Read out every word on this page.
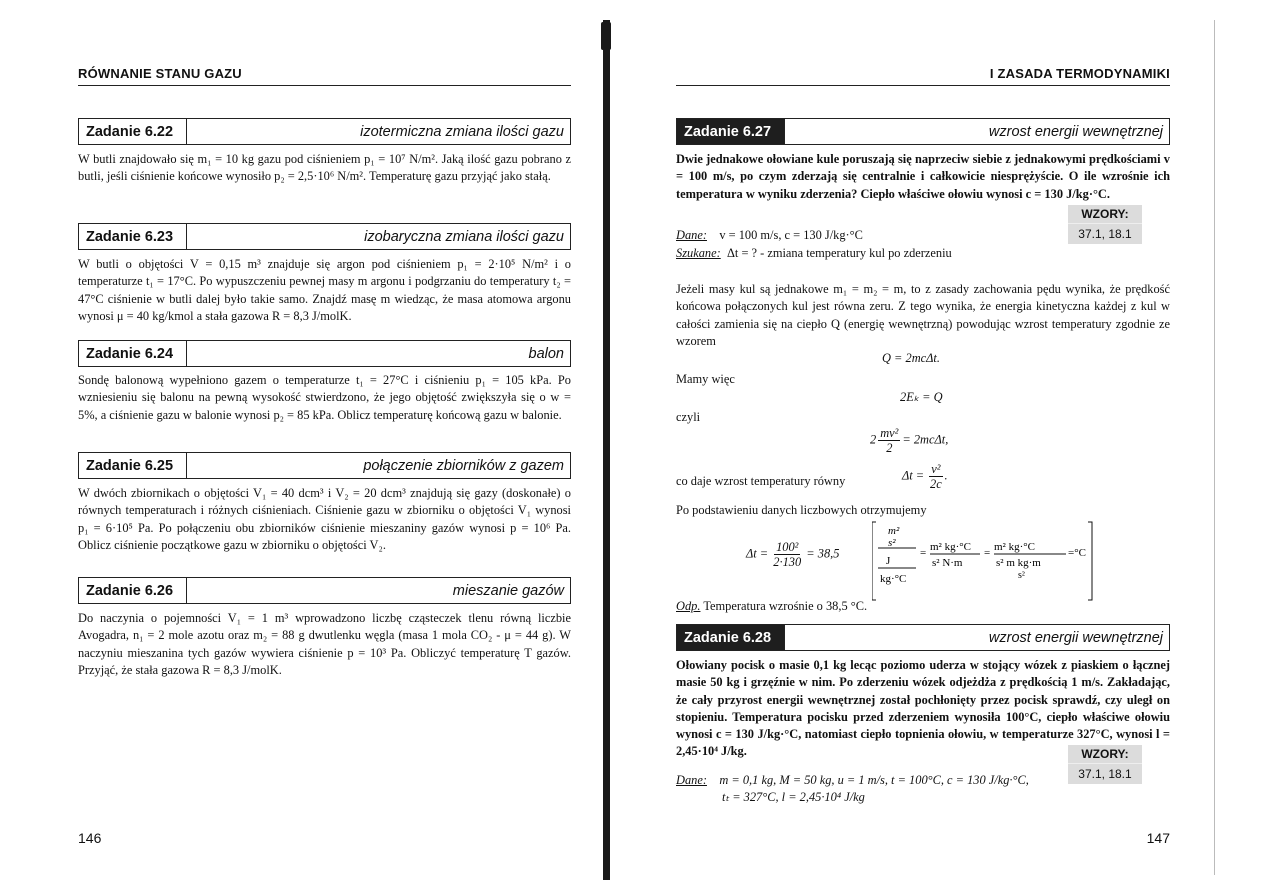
RÓWNANIE STANU GAZU
Zadanie 6.22	izotermiczna zmiana ilości gazu
W butli znajdowało się m₁ = 10 kg gazu pod ciśnieniem p₁ = 10⁷ N/m². Jaką ilość gazu pobrano z butli, jeśli ciśnienie końcowe wynosiło p₂ = 2,5·10⁶ N/m². Temperaturę gazu przyjąć jako stałą.
Zadanie 6.23	izobaryczna zmiana ilości gazu
W butli o objętości V = 0,15 m³ znajduje się argon pod ciśnieniem p₁ = 2·10⁵ N/m² i o temperaturze t₁ = 17°C. Po wypuszczeniu pewnej masy m argonu i podgrzaniu do temperatury t₂ = 47°C ciśnienie w butli dalej było takie samo. Znajdź masę m wiedząc, że masa atomowa argonu wynosi μ = 40 kg/kmol a stała gazowa R = 8,3 J/molK.
Zadanie 6.24	balon
Sondę balonową wypełniono gazem o temperaturze t₁ = 27°C i ciśnieniu p₁ = 105 kPa. Po wzniesieniu się balonu na pewną wysokość stwierdzono, że jego objętość zwiększyła się o w = 5%, a ciśnienie gazu w balonie wynosi p₂ = 85 kPa. Oblicz temperaturę końcową gazu w balonie.
Zadanie 6.25	połączenie zbiorników z gazem
W dwóch zbiornikach o objętości V₁ = 40 dcm³ i V₂ = 20 dcm³ znajdują się gazy (doskonałe) o równych temperaturach i różnych ciśnieniach. Ciśnienie gazu w zbiorniku o objętości V₁ wynosi p₁ = 6·10⁵ Pa. Po połączeniu obu zbiorników ciśnienie mieszaniny gazów wynosi p = 10⁶ Pa. Oblicz ciśnienie początkowe gazu w zbiorniku o objętości V₂.
Zadanie 6.26	mieszanie gazów
Do naczynia o pojemności V₁ = 1 m³ wprowadzono liczbę cząsteczek tlenu równą liczbie Avogadra, n₁ = 2 mole azotu oraz m₂ = 88 g dwutlenku węgla (masa 1 mola CO₂ - μ = 44 g). W naczyniu mieszanina tych gazów wywiera ciśnienie p = 10³ Pa. Obliczyć temperaturę T gazów. Przyjąć, że stała gazowa R = 8,3 J/molK.
146
I ZASADA TERMODYNAMIKI
Zadanie 6.27	wzrost energii wewnętrznej
Dwie jednakowe ołowiane kule poruszają się naprzeciw siebie z jednakowymi prędkościami v = 100 m/s, po czym zderzają się centralnie i całkowicie niesprężyście. O ile wzrośnie ich temperatura w wyniku zderzenia? Ciepło właściwe ołowiu wynosi c = 130 J/kg·°C.
WZORY:
37.1, 18.1
Dane: v = 100 m/s, c = 130 J/kg·°C
Szukane: Δt = ? - zmiana temperatury kul po zderzeniu
Jeżeli masy kul są jednakowe m₁ = m₂ = m, to z zasady zachowania pędu wynika, że prędkość końcowa połączonych kul jest równa zeru. Z tego wynika, że energia kinetyczna każdej z kul w całości zamienia się na ciepło Q (energię wewnętrzną) powodując wzrost temperatury zgodnie ze wzorem
Q = 2mcΔt.
Mamy więc
2Eₖ = Q
czyli
$2 \frac{\text{mv²}}{2} = 2mc\Delta t$,
co daje wzrost temperatury równy	$\Delta t = \frac{\text{v²}}{2c}$ .
Po podstawieniu danych liczbowych otrzymujemy
$\Delta t = \frac{\text{100²}}{2\cdot 130} = 38,5$
m²
s²
J
kg·°C
= m² kg·°C
s² N·m
= m² kg·°C
s² m kg·m
s²
=°C
Odp. Temperatura wzrośnie o 38,5 °C.
Zadanie 6.28	wzrost energii wewnętrznej
Ołowiany pocisk o masie 0,1 kg lecąc poziomo uderza w stojący wózek z piaskiem o łącznej masie 50 kg i grzęźnie w nim. Po zderzeniu wózek odjeżdża z prędkością 1 m/s. Zakładając, że cały przyrost energii wewnętrznej został pochłonięty przez pocisk sprawdź, czy uległ on stopieniu. Temperatura pocisku przed zderzeniem wynosiła 100°C, ciepło właściwe ołowiu wynosi c = 130 J/kg·°C, natomiast ciepło topnienia ołowiu, w temperaturze 327°C, wynosi l = 2,45·10⁴ J/kg.	WZORY:
37.1, 18.1
Dane: m = 0,1 kg, M = 50 kg, u = 1 m/s, t = 100°C, c = 130 J/kg·°C,
tₜ = 327°C, l = 2,45·10⁴ J/kg
147
